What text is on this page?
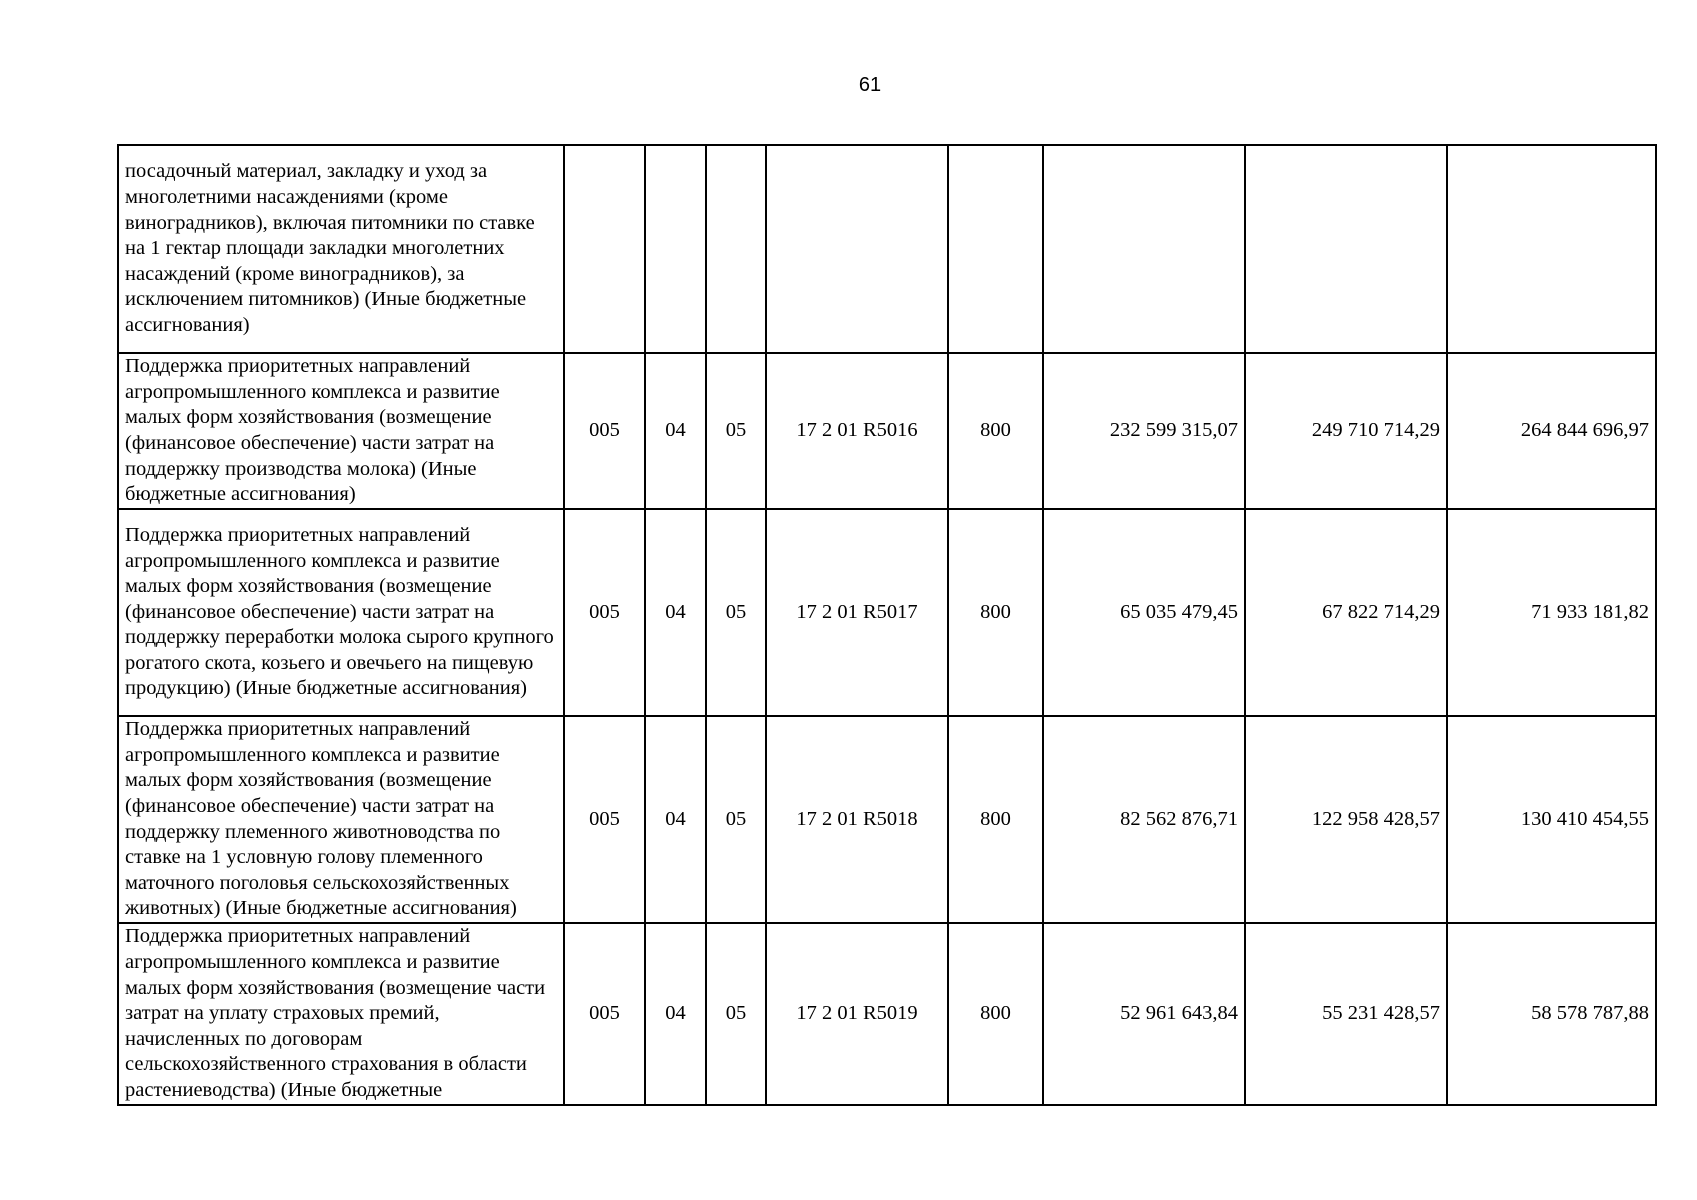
61
посадочный материал, закладку и уход за многолетними насаждениями (кроме виноградников), включая питомники по ставке на 1 гектар площади закладки многолетних насаждений (кроме виноградников), за исключением питомников) (Иные бюджетные ассигнования)								
Поддержка приоритетных направлений агропромышленного комплекса и развитие малых форм хозяйствования (возмещение (финансовое обеспечение) части затрат на поддержку производства молока) (Иные бюджетные ассигнования)	005	04	05	17 2 01 R5016	800	232 599 315,07	249 710 714,29	264 844 696,97
Поддержка приоритетных направлений агропромышленного комплекса и развитие малых форм хозяйствования (возмещение (финансовое обеспечение) части затрат на поддержку переработки молока сырого крупного рогатого скота, козьего и овечьего на пищевую продукцию) (Иные бюджетные ассигнования)	005	04	05	17 2 01 R5017	800	65 035 479,45	67 822 714,29	71 933 181,82
Поддержка приоритетных направлений агропромышленного комплекса и развитие малых форм хозяйствования (возмещение (финансовое обеспечение) части затрат на поддержку племенного животноводства по ставке на 1 условную голову племенного маточного поголовья сельскохозяйственных животных) (Иные бюджетные ассигнования)	005	04	05	17 2 01 R5018	800	82 562 876,71	122 958 428,57	130 410 454,55
Поддержка приоритетных направлений агропромышленного комплекса и развитие малых форм хозяйствования (возмещение части затрат на уплату страховых премий, начисленных по договорам сельскохозяйственного страхования в области растениеводства) (Иные бюджетные	005	04	05	17 2 01 R5019	800	52 961 643,84	55 231 428,57	58 578 787,88
